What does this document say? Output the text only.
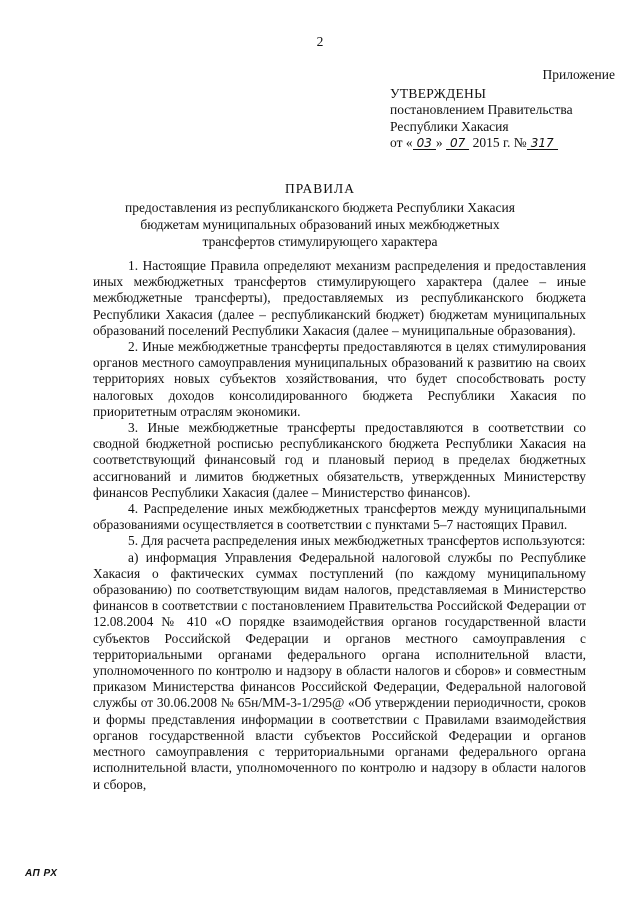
2
Приложение
УТВЕРЖДЕНЫ
постановлением Правительства
Республики Хакасия
от « 03 » 07 2015 г. № 317
ПРАВИЛА
предоставления из республиканского бюджета Республики Хакасия
бюджетам муниципальных образований иных межбюджетных
трансфертов стимулирующего характера

1. Настоящие Правила определяют механизм распределения и предоставления иных межбюджетных трансфертов стимулирующего характера (далее – иные межбюджетные трансферты), предоставляемых из республиканского бюджета Республики Хакасия (далее – республиканский бюджет) бюджетам муниципальных образований поселений Республики Хакасия (далее – муниципальные образования).

2. Иные межбюджетные трансферты предоставляются в целях стимулирования органов местного самоуправления муниципальных образований к развитию на своих территориях новых субъектов хозяйствования, что будет способствовать росту налоговых доходов консолидированного бюджета Республики Хакасия по приоритетным отраслям экономики.

3. Иные межбюджетные трансферты предоставляются в соответствии со сводной бюджетной росписью республиканского бюджета Республики Хакасия на соответствующий финансовый год и плановый период в пределах бюджетных ассигнований и лимитов бюджетных обязательств, утвержденных Министерству финансов Республики Хакасия (далее – Министерство финансов).

4. Распределение иных межбюджетных трансфертов между муниципальными образованиями осуществляется в соответствии с пунктами 5–7 настоящих Правил.

5. Для расчета распределения иных межбюджетных трансфертов используются:

а) информация Управления Федеральной налоговой службы по Республике Хакасия о фактических суммах поступлений (по каждому муниципальному образованию) по соответствующим видам налогов, представляемая в Министерство финансов в соответствии с постановлением Правительства Российской Федерации от 12.08.2004 № 410 «О порядке взаимодействия органов государственной власти субъектов Российской Федерации и органов местного самоуправления с территориальными органами федерального органа исполнительной власти, уполномоченного по контролю и надзору в области налогов и сборов» и совместным приказом Министерства финансов Российской Федерации, Федеральной налоговой службы от 30.06.2008 № 65н/ММ-3-1/295@ «Об утверждении периодичности, сроков и формы представления информации в соответствии с Правилами взаимодействия органов государственной власти субъектов Российской Федерации и органов местного самоуправления с территориальными органами федерального органа исполнительной власти, уполномоченного по контролю и надзору в области налогов и сборов,

АП РХ
